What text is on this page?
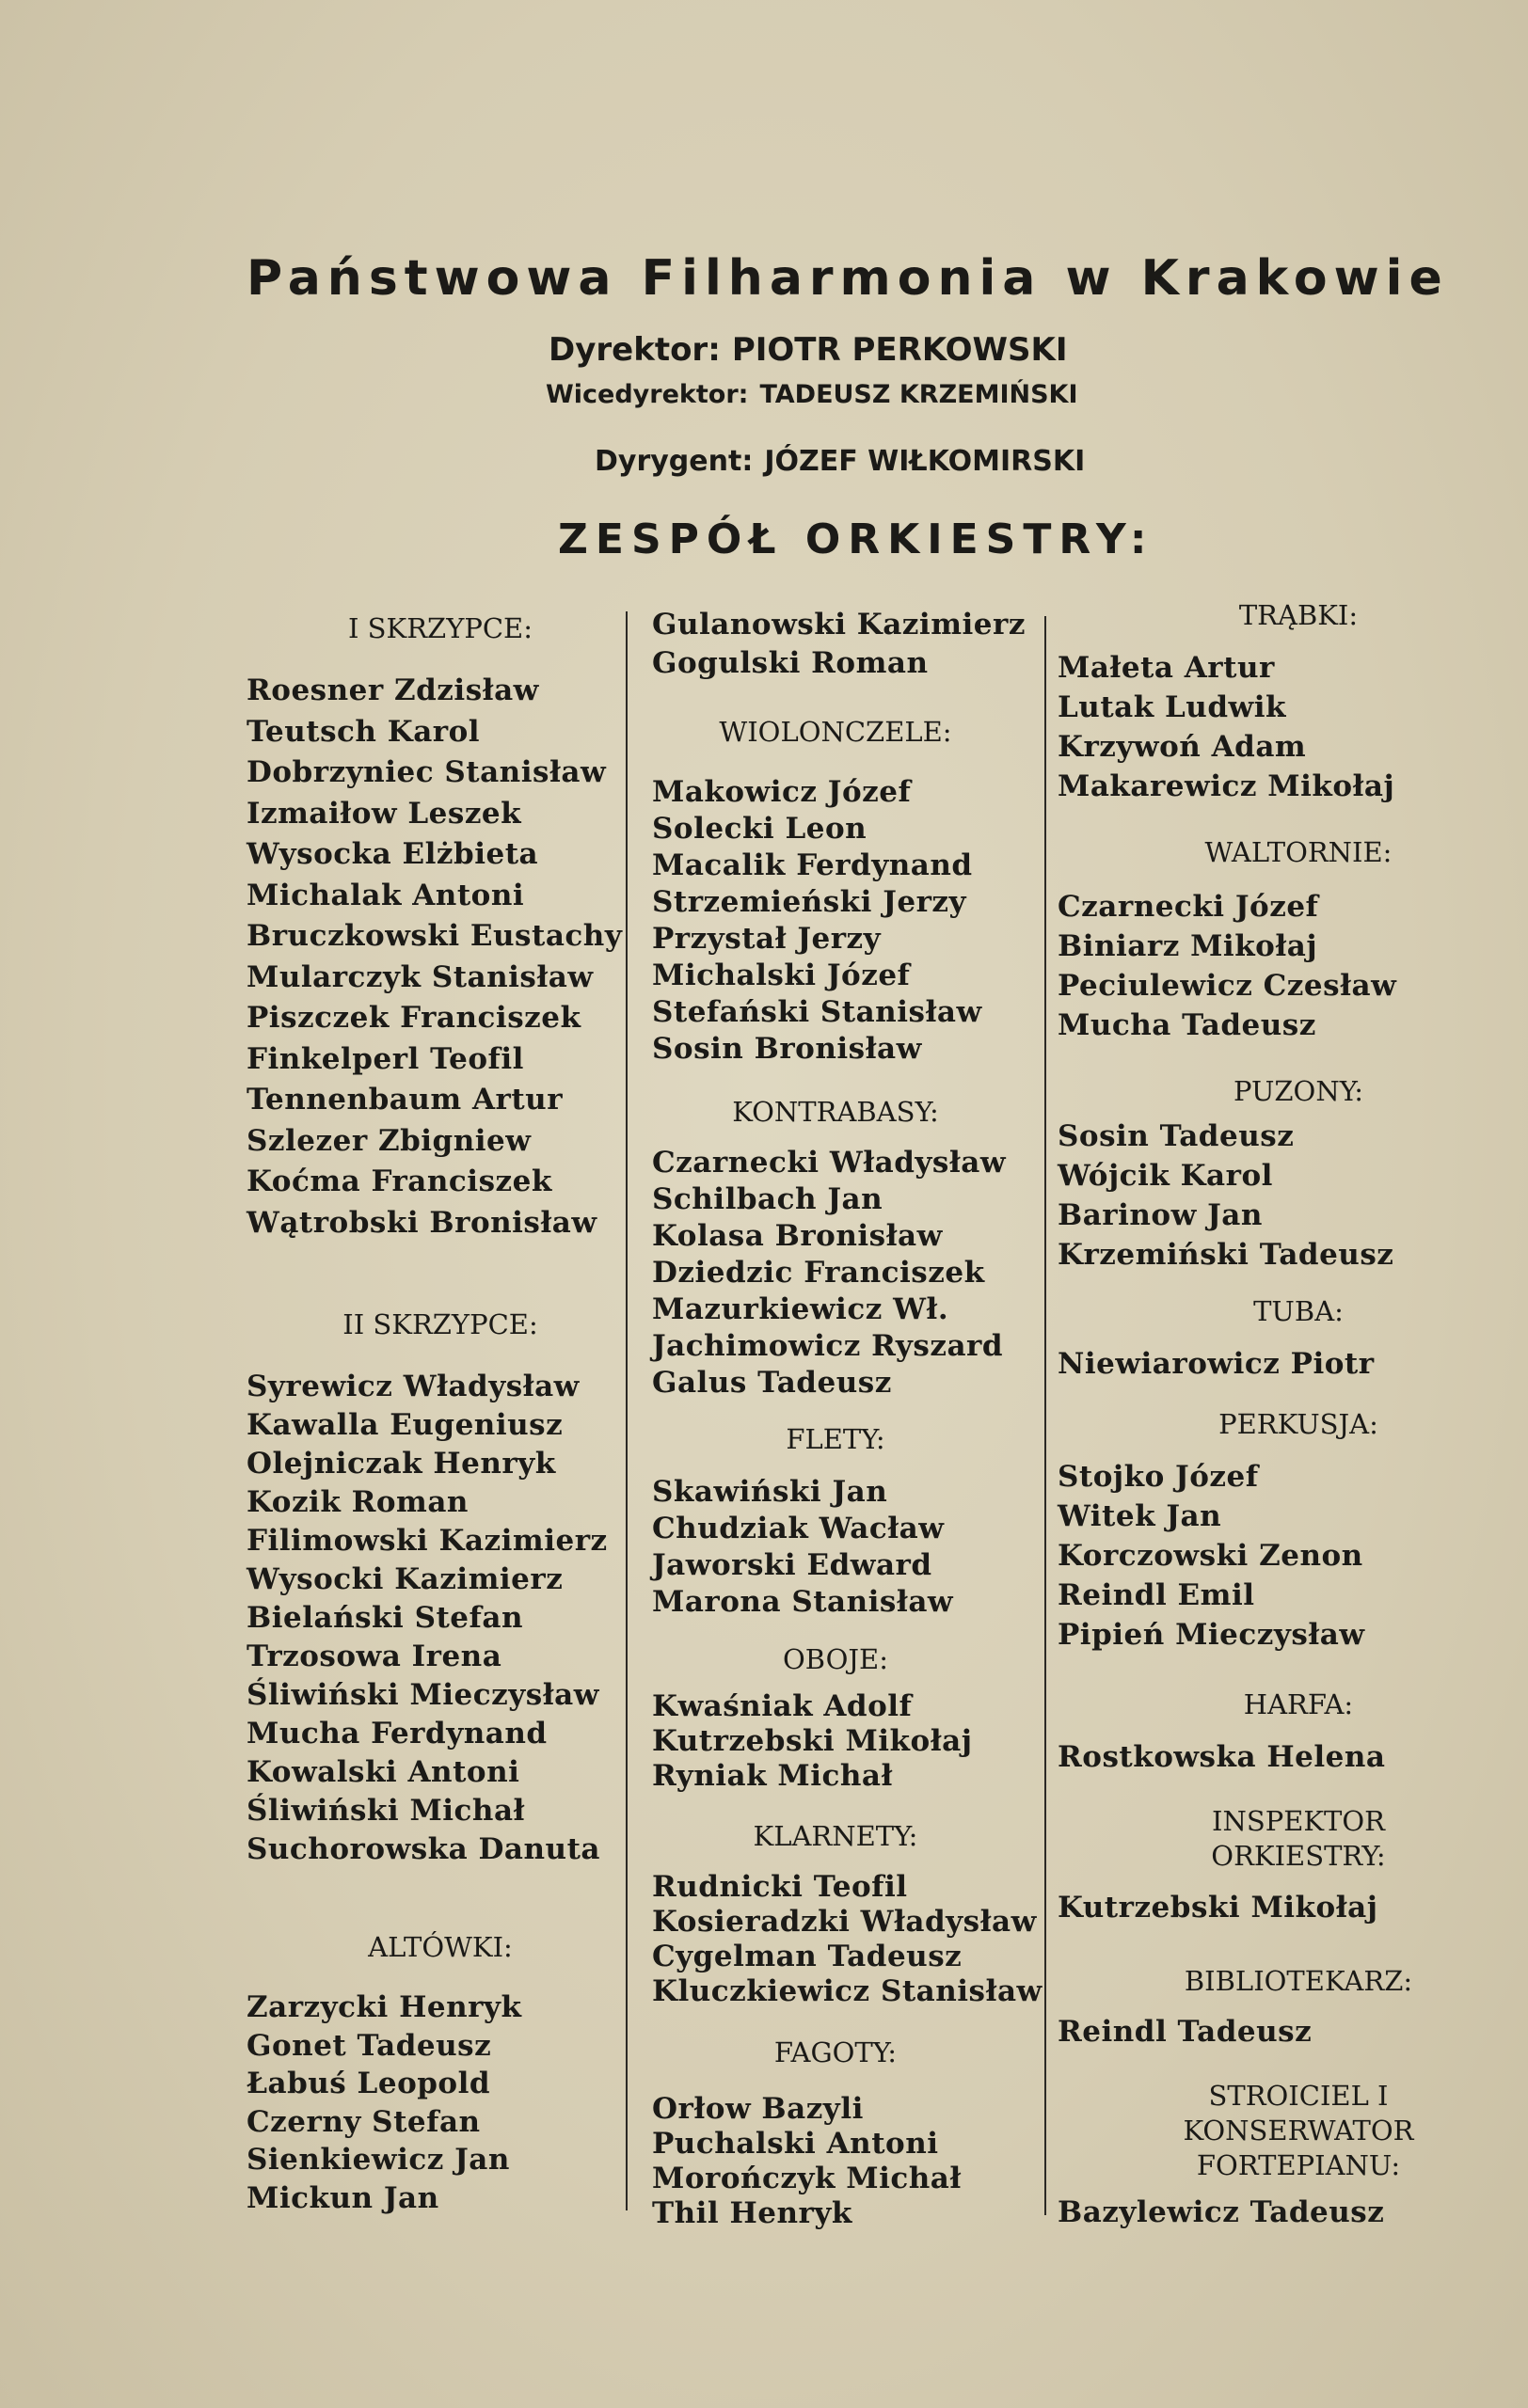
Państwowa Filharmonia w Krakowie
Dyrektor: PIOTR PERKOWSKI
Wicedyrektor: TADEUSZ KRZEMIŃSKI
Dyrygent: JÓZEF WIŁKOMIRSKI
ZESPÓŁ ORKIESTRY:
I SKRZYPCE:
Roesner Zdzisław
Teutsch Karol
Dobrzyniec Stanisław
Izmaiłow Leszek
Wysocka Elżbieta
Michalak Antoni
Bruczkowski Eustachy
Mularczyk Stanisław
Piszczek Franciszek
Finkelperl Teofil
Tennenbaum Artur
Szlezer Zbigniew
Koćma Franciszek
Wątrobski Bronisław
II SKRZYPCE:
Syrewicz Władysław
Kawalla Eugeniusz
Olejniczak Henryk
Kozik Roman
Filimowski Kazimierz
Wysocki Kazimierz
Bielański Stefan
Trzosowa Irena
Śliwiński Mieczysław
Mucha Ferdynand
Kowalski Antoni
Śliwiński Michał
Suchorowska Danuta
ALTÓWKI:
Zarzycki Henryk
Gonet Tadeusz
Łabuś Leopold
Czerny Stefan
Sienkiewicz Jan
Mickun Jan
Gulanowski Kazimierz
Gogulski Roman
WIOLONCZELE:
Makowicz Józef
Solecki Leon
Macalik Ferdynand
Strzemieński Jerzy
Przystał Jerzy
Michalski Józef
Stefański Stanisław
Sosin Bronisław
KONTRABASY:
Czarnecki Władysław
Schilbach Jan
Kolasa Bronisław
Dziedzic Franciszek
Mazurkiewicz Wł.
Jachimowicz Ryszard
Galus Tadeusz
FLETY:
Skawiński Jan
Chudziak Wacław
Jaworski Edward
Marona Stanisław
OBOJE:
Kwaśniak Adolf
Kutrzebski Mikołaj
Ryniak Michał
KLARNETY:
Rudnicki Teofil
Kosieradzki Władysław
Cygelman Tadeusz
Kluczkiewicz Stanisław
FAGOTY:
Orłow Bazyli
Puchalski Antoni
Morończyk Michał
Thil Henryk
TRĄBKI:
Małeta Artur
Lutak Ludwik
Krzywoń Adam
Makarewicz Mikołaj
WALTORNIE:
Czarnecki Józef
Biniarz Mikołaj
Peciulewicz Czesław
Mucha Tadeusz
PUZONY:
Sosin Tadeusz
Wójcik Karol
Barinow Jan
Krzemiński Tadeusz
TUBA:
Niewiarowicz Piotr
PERKUSJA:
Stojko Józef
Witek Jan
Korczowski Zenon
Reindl Emil
Pipień Mieczysław
HARFA:
Rostkowska Helena
INSPEKTOR ORKIESTRY:
Kutrzebski Mikołaj
BIBLIOTEKARZ:
Reindl Tadeusz
STROICIEL I KONSERWATOR FORTEPIANU:
Bazylewicz Tadeusz
